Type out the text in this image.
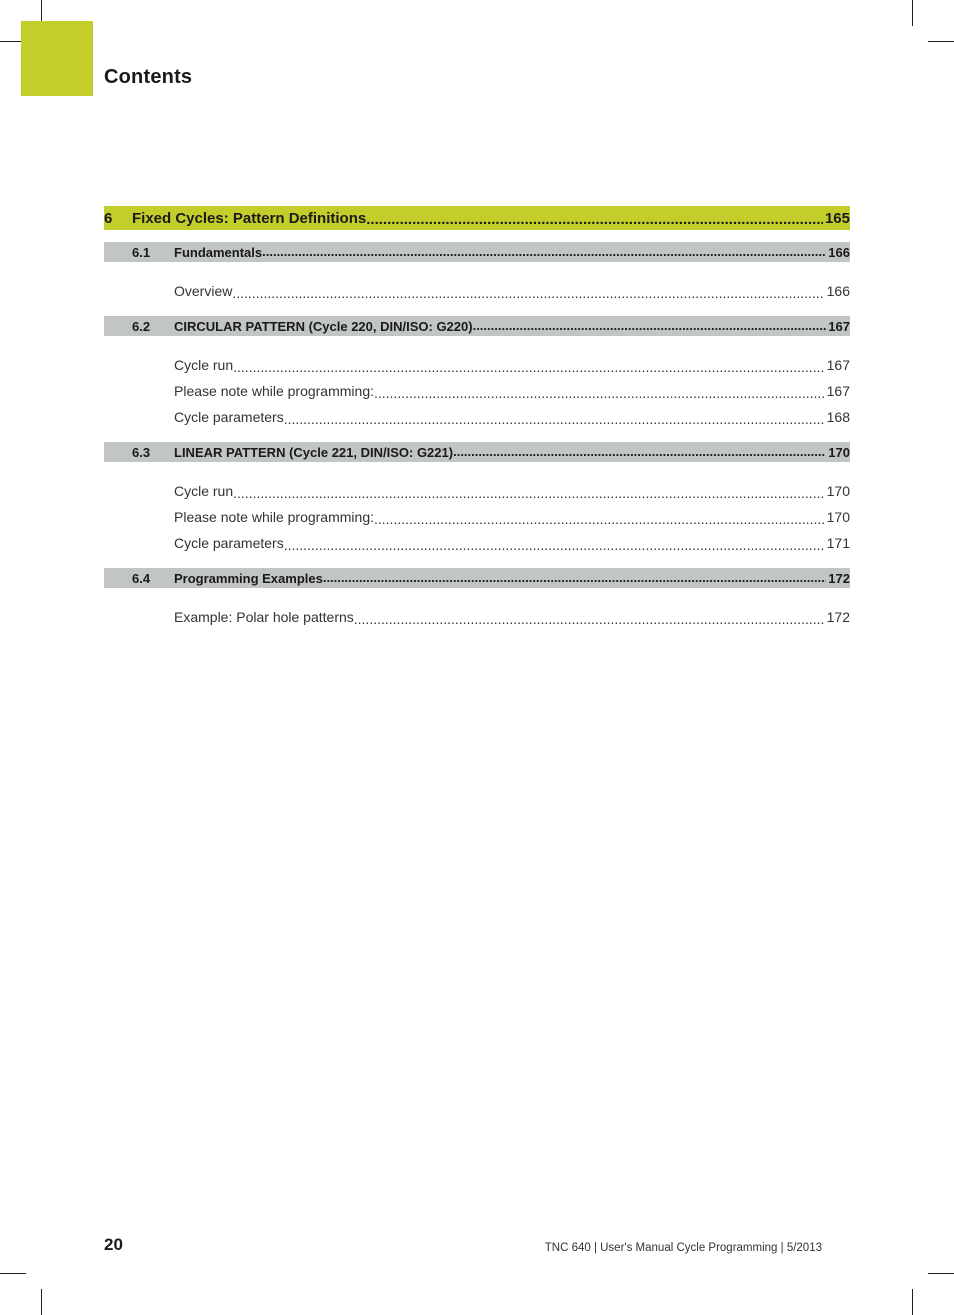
Contents
6	Fixed Cycles: Pattern Definitions .....	165
6.1	Fundamentals .....	166
Overview .....	166
6.2	CIRCULAR PATTERN (Cycle 220, DIN/ISO: G220) .....	167
Cycle run .....	167
Please note while programming: .....	167
Cycle parameters .....	168
6.3	LINEAR PATTERN (Cycle 221, DIN/ISO: G221) .....	170
Cycle run .....	170
Please note while programming: .....	170
Cycle parameters .....	171
6.4	Programming Examples .....	172
Example: Polar hole patterns .....	172
20	TNC 640 | User's Manual Cycle Programming | 5/2013
